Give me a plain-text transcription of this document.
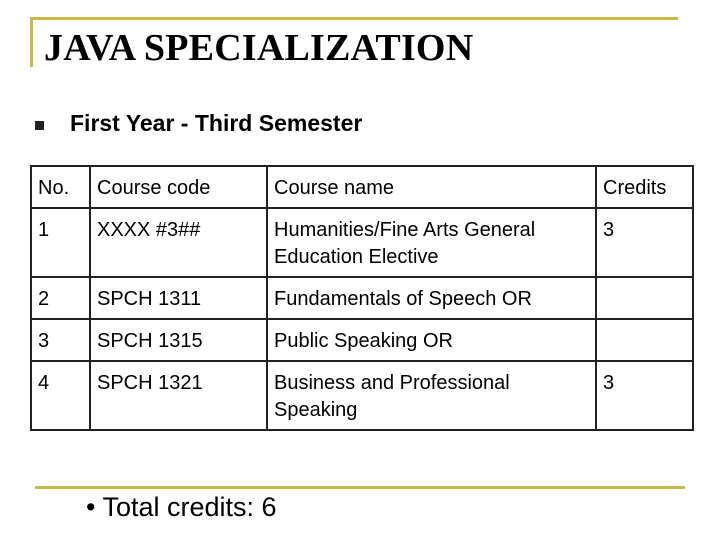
JAVA SPECIALIZATION
First Year - Third Semester
No.	Course code	Course name	Credits
1	XXXX #3##	Humanities/Fine Arts General Education Elective	3
2	SPCH 1311	Fundamentals of Speech OR	
3	SPCH 1315	Public Speaking OR	
4	SPCH 1321	Business and Professional Speaking	3
• Total credits: 6
